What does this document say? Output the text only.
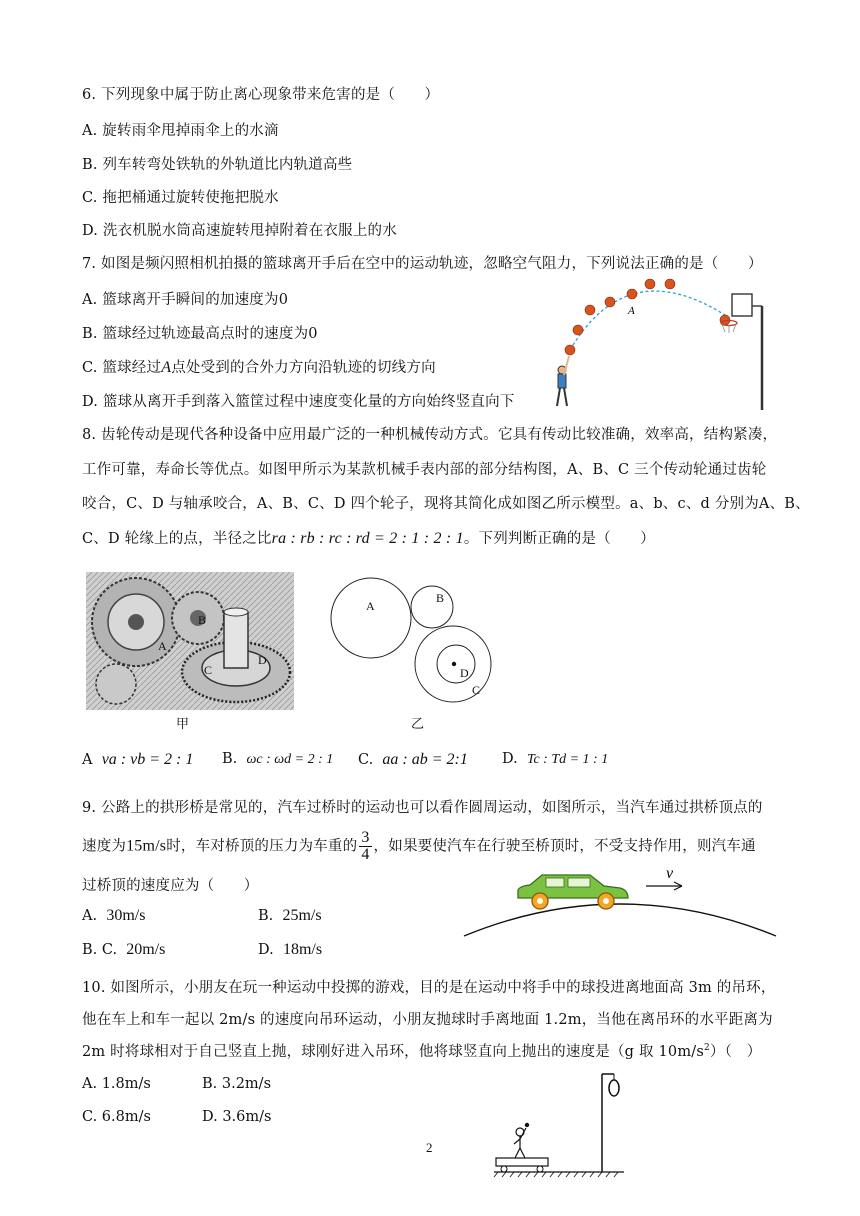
6. 下列现象中属于防止离心现象带来危害的是（　　）
A. 旋转雨伞甩掉雨伞上的水滴
B. 列车转弯处铁轨的外轨道比内轨道高些
C. 拖把桶通过旋转使拖把脱水
D. 洗衣机脱水筒高速旋转甩掉附着在衣服上的水
7. 如图是频闪照相机拍摄的篮球离开手后在空中的运动轨迹，忽略空气阻力，下列说法正确的是（　　）
A. 篮球离开手瞬间的加速度为0
B. 篮球经过轨迹最高点时的速度为0
C. 篮球经过A点处受到的合外力方向沿轨迹的切线方向
D. 篮球从离开手到落入篮筐过程中速度变化量的方向始终竖直向下
A
8. 齿轮传动是现代各种设备中应用最广泛的一种机械传动方式。它具有传动比较准确，效率高，结构紧凑，
工作可靠，寿命长等优点。如图甲所示为某款机械手表内部的部分结构图，A、B、C 三个传动轮通过齿轮
咬合，C、D 与轴承咬合，A、B、C、D 四个轮子，现将其简化成如图乙所示模型。a、b、c、d 分别为A、B、
C、D 轮缘上的点，半径之比ra : rb : rc : rd = 2 : 1 : 2 : 1。下列判断正确的是（　　）
B
A
C
D
甲
A
B
D
C
乙
A va : vb = 2 : 1 B. ωc : ωd = 2 : 1 C. aa : ab = 2:1 D. Tc : Td = 1 : 1
9. 公路上的拱形桥是常见的，汽车过桥时的运动也可以看作圆周运动，如图所示，当汽车通过拱桥顶点的
速度为15m/s时，车对桥顶的压力为车重的 $\frac{3}{4}$ ，如果要使汽车在行驶至桥顶时，不受支持作用，则汽车通
过桥顶的速度应为（　　）
A. 30m/s	B. 25m/s
B. C. 20m/s	D. 18m/s
v
10. 如图所示，小朋友在玩一种运动中投掷的游戏，目的是在运动中将手中的球投进离地面高 3m 的吊环，
他在车上和车一起以 2m/s 的速度向吊环运动，小朋友抛球时手离地面 1.2m，当他在离吊环的水平距离为
2m 时将球相对于自己竖直上抛，球刚好进入吊环，他将球竖直向上抛出的速度是（g 取 $10m/s^2$）（　）
A. 1.8m/s	B. 3.2m/s
C. 6.8m/s	D. 3.6m/s
2
